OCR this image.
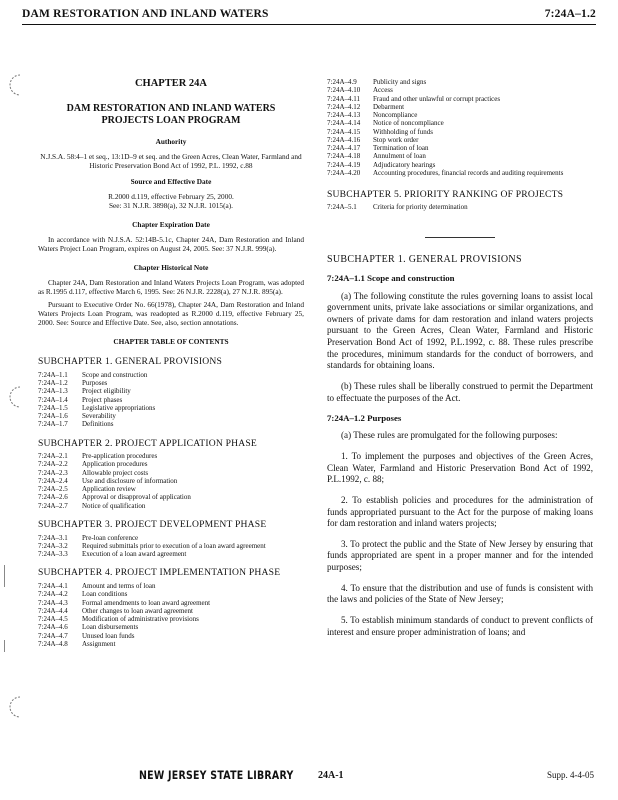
DAM RESTORATION AND INLAND WATERS	7:24A–1.2
CHAPTER 24A
DAM RESTORATION AND INLAND WATERS
PROJECTS LOAN PROGRAM
Authority

N.J.S.A. 58:4–1 et seq., 13:1D–9 et seq. and the Green Acres, Clean Water, Farmland and Historic Preservation Bond Act of 1992, P.L. 1992, c.88

Source and Effective Date

R.2000 d.119, effective February 25, 2000.

See: 31 N.J.R. 3898(a), 32 N.J.R. 1015(a).

Chapter Expiration Date

In accordance with N.J.S.A. 52:14B-5.1c, Chapter 24A, Dam Restoration and Inland Waters Project Loan Program, expires on August 24, 2005. See: 37 N.J.R. 999(a).

Chapter Historical Note

Chapter 24A, Dam Restoration and Inland Waters Projects Loan Program, was adopted as R.1995 d.117, effective March 6, 1995. See: 26 N.J.R. 2228(a), 27 N.J.R. 895(a).

Pursuant to Executive Order No. 66(1978), Chapter 24A, Dam Restoration and Inland Waters Projects Loan Program, was readopted as R.2000 d.119, effective February 25, 2000. See: Source and Effective Date. See, also, section annotations.

CHAPTER TABLE OF CONTENTS
SUBCHAPTER 1. GENERAL PROVISIONS
7:24A–1.1	Scope and construction
7:24A–1.2	Purposes
7:24A–1.3	Project eligibility
7:24A–1.4	Project phases
7:24A–1.5	Legislative appropriations
7:24A–1.6	Severability
7:24A–1.7	Definitions
SUBCHAPTER 2. PROJECT APPLICATION PHASE
7:24A–2.1	Pre-application procedures
7:24A–2.2	Application procedures
7:24A–2.3	Allowable project costs
7:24A–2.4	Use and disclosure of information
7:24A–2.5	Application review
7:24A–2.6	Approval or disapproval of application
7:24A–2.7	Notice of qualification
SUBCHAPTER 3. PROJECT DEVELOPMENT PHASE
7:24A–3.1	Pre-loan conference
7:24A–3.2	Required submittals prior to execution of a loan award agreement
7:24A–3.3	Execution of a loan award agreement
SUBCHAPTER 4. PROJECT IMPLEMENTATION PHASE
7:24A–4.1	Amount and terms of loan
7:24A–4.2	Loan conditions
7:24A–4.3	Formal amendments to loan award agreement
7:24A–4.4	Other changes to loan award agreement
7:24A–4.5	Modification of administrative provisions
7:24A–4.6	Loan disbursements
7:24A–4.7	Unused loan funds
7:24A–4.8	Assignment
7:24A–4.9	Publicity and signs
7:24A–4.10	Access
7:24A–4.11	Fraud and other unlawful or corrupt practices
7:24A–4.12	Debarment
7:24A–4.13	Noncompliance
7:24A–4.14	Notice of noncompliance
7:24A–4.15	Withholding of funds
7:24A–4.16	Stop work order
7:24A–4.17	Termination of loan
7:24A–4.18	Annulment of loan
7:24A–4.19	Adjudicatory hearings
7:24A–4.20	Accounting procedures, financial records and auditing requirements
SUBCHAPTER 5. PRIORITY RANKING OF PROJECTS
7:24A–5.1	Criteria for priority determination
SUBCHAPTER 1. GENERAL PROVISIONS
7:24A–1.1 Scope and construction

(a) The following constitute the rules governing loans to assist local government units, private lake associations or similar organizations, and owners of private dams for dam restoration and inland waters projects pursuant to the Green Acres, Clean Water, Farmland and Historic Preservation Bond Act of 1992, P.L.1992, c. 88. These rules prescribe the procedures, minimum standards for the conduct of borrowers, and standards for obtaining loans.

(b) These rules shall be liberally construed to permit the Department to effectuate the purposes of the Act.

7:24A–1.2 Purposes

(a) These rules are promulgated for the following purposes:

1. To implement the purposes and objectives of the Green Acres, Clean Water, Farmland and Historic Preservation Bond Act of 1992, P.L.1992, c. 88;

2. To establish policies and procedures for the administration of funds appropriated pursuant to the Act for the purpose of making loans for dam restoration and inland waters projects;

3. To protect the public and the State of New Jersey by ensuring that funds appropriated are spent in a proper manner and for the intended purposes;

4. To ensure that the distribution and use of funds is consistent with the laws and policies of the State of New Jersey;

5. To establish minimum standards of conduct to prevent conflicts of interest and ensure proper administration of loans; and

NEW JERSEY STATE LIBRARY 24A-1	Supp. 4-4-05
